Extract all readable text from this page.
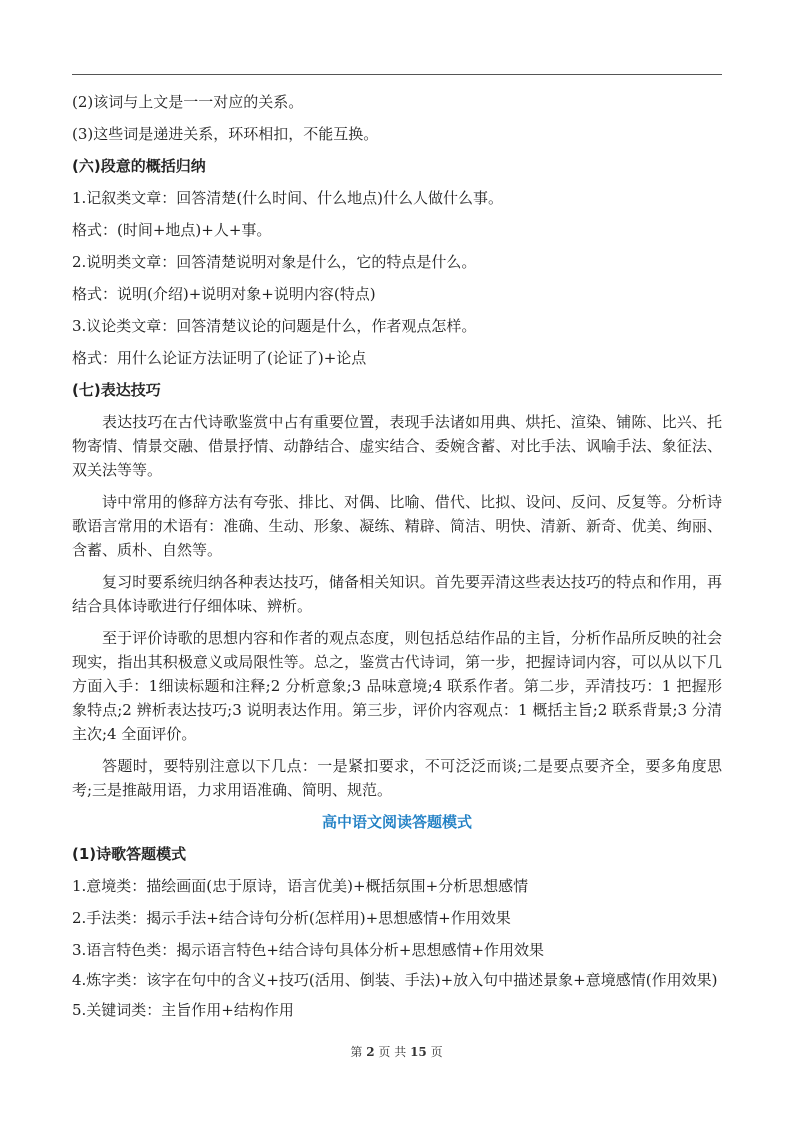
(2)该词与上文是一一对应的关系。

(3)这些词是递进关系，环环相扣，不能互换。

(六)段意的概括归纳

1.记叙类文章：回答清楚(什么时间、什么地点)什么人做什么事。

格式：(时间+地点)+人+事。

2.说明类文章：回答清楚说明对象是什么，它的特点是什么。

格式：说明(介绍)+说明对象+说明内容(特点)

3.议论类文章：回答清楚议论的问题是什么，作者观点怎样。

格式：用什么论证方法证明了(论证了)+论点

(七)表达技巧

表达技巧在古代诗歌鉴赏中占有重要位置，表现手法诸如用典、烘托、渲染、铺陈、比兴、托物寄情、情景交融、借景抒情、动静结合、虚实结合、委婉含蓄、对比手法、讽喻手法、象征法、双关法等等。

诗中常用的修辞方法有夸张、排比、对偶、比喻、借代、比拟、设问、反问、反复等。分析诗歌语言常用的术语有：准确、生动、形象、凝练、精辟、简洁、明快、清新、新奇、优美、绚丽、含蓄、质朴、自然等。

复习时要系统归纳各种表达技巧，储备相关知识。首先要弄清这些表达技巧的特点和作用，再结合具体诗歌进行仔细体味、辨析。

至于评价诗歌的思想内容和作者的观点态度，则包括总结作品的主旨，分析作品所反映的社会现实，指出其积极意义或局限性等。总之，鉴赏古代诗词，第一步，把握诗词内容，可以从以下几方面入手：1细读标题和注释;2 分析意象;3 品味意境;4 联系作者。第二步，弄清技巧：1 把握形象特点;2 辨析表达技巧;3 说明表达作用。第三步，评价内容观点：1 概括主旨;2 联系背景;3 分清主次;4 全面评价。

答题时，要特别注意以下几点：一是紧扣要求，不可泛泛而谈;二是要点要齐全，要多角度思考;三是推敲用语，力求用语准确、简明、规范。

高中语文阅读答题模式

(1)诗歌答题模式

1.意境类：描绘画面(忠于原诗，语言优美)+概括氛围+分析思想感情

2.手法类：揭示手法+结合诗句分析(怎样用)+思想感情+作用效果

3.语言特色类：揭示语言特色+结合诗句具体分析+思想感情+作用效果

4.炼字类：该字在句中的含义+技巧(活用、倒装、手法)+放入句中描述景象+意境感情(作用效果)

5.关键词类：主旨作用+结构作用

第 2 页 共 15 页
